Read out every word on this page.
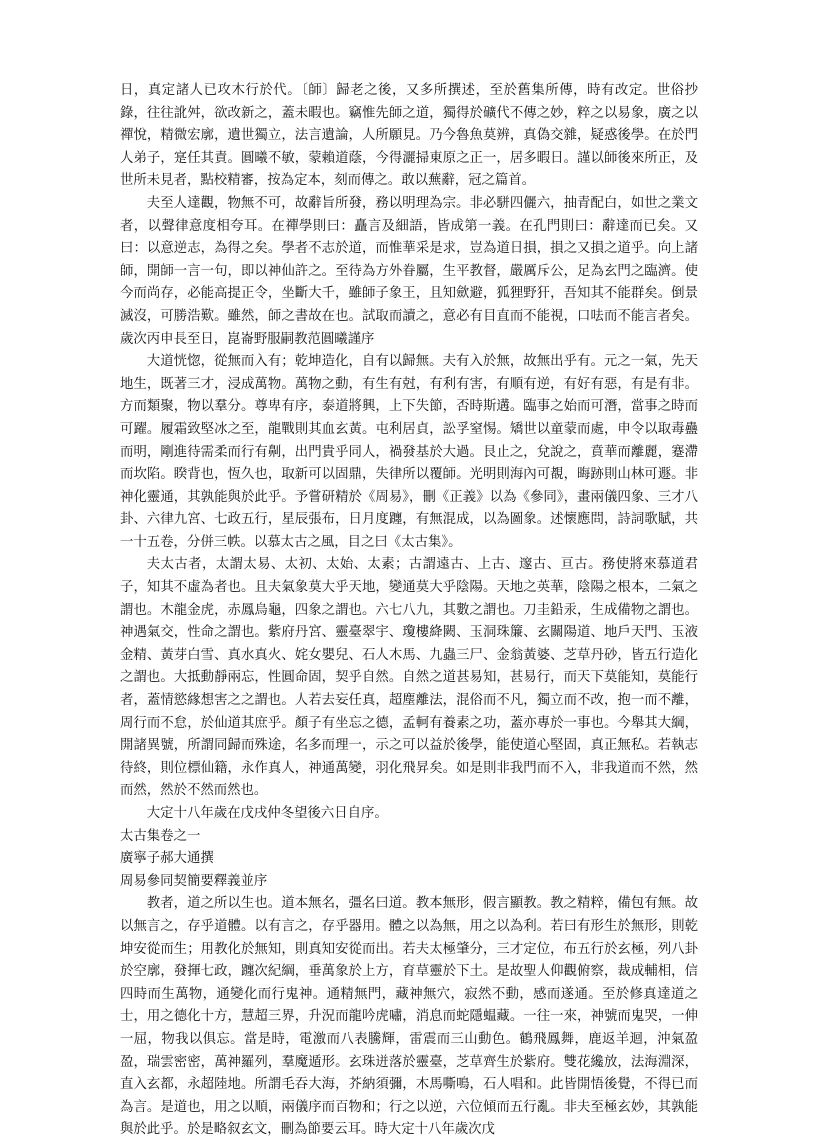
日，真定諸人已攻木行於代。〔師〕歸老之後，又多所撰述，至於舊集所傳，時有改定。世俗抄錄，往往訛舛，欲改新之，蓋未暇也。竊惟先師之道，獨得於礦代不傳之妙，粹之以易象，廣之以禪悅，精微宏廓，遺世獨立，法言遺論，人所願見。乃今魯魚莫辨，真偽交雜，疑惑後學。在於門人弟子，寔任其責。圓曦不敏，蒙賴道蔭，今得灑掃東原之正一，居多暇日。謹以師後來所正，及世所未見者，點校精審，按為定本，刻而傳之。敢以蕪辭，冠之篇首。

夫至人達觀，物無不可，故辭旨所發，務以明理為宗。非必駢四儷六，抽青配白，如世之業文者，以聲律意度相夸耳。在禪學則曰：矗言及細語，皆成第一義。在孔門則曰：辭達而已矣。又曰：以意逆志，為得之矣。學者不志於道，而惟華采是求，豈為道日損，損之又損之道乎。向上諸師，開師一言一句，即以神仙許之。至待為方外眷屬，生平教督，嚴厲斥公，足為玄門之臨濟。使今而尚存，必能高提正令，坐斷大千，雖師子象王，且知歛避，狐狸野犴，吾知其不能群矣。倒景滅沒，可勝浩歎。雖然，師之書故在也。試取而讀之，意必有目直而不能視，口呿而不能言者矣。歲次丙申長至日，崑崙野服嗣教范圓曦謹序

大道恍惚，從無而入有；乾坤造化，自有以歸無。夫有入於無，故無出乎有。元之一氣，先天地生，既著三才，浸成萬物。萬物之動，有生有尅，有利有害，有順有逆，有好有惡，有是有非。方而類聚，物以羣分。尊卑有序，泰道將興，上下失節，否時斯遘。臨事之始而可潛，當事之時而可躍。履霜致堅冰之至，龍戰則其血玄黃。屯利居貞，訟孚窒惕。矯世以童蒙而處，申令以取毒蠱而明，剛進待需柔而行有劓，出門貴乎同人，禍發基於大過。艮止之，兌說之，賁華而離麗，蹇滯而坎陷。睽背也，恆久也，取新可以固鼎，失律所以覆師。光明則海內可覩，晦跡則山林可遯。非神化靈通，其孰能與於此乎。予嘗研精於《周易》，刪《正義》以為《參同》，畫兩儀四象、三才八卦、六律九宮、七政五行，星辰張布，日月度躔，有無混成，以為圖象。述懷應問，詩詞歌賦，共一十五卷，分併三帙。以慕太古之風，目之曰《太古集》。

夫太古者，太謂太易、太初、太始、太素；古謂遠古、上古、邃古、亘古。務使將來慕道君子，知其不虛為者也。且夫氣象莫大乎天地，變通莫大乎陰陽。天地之英華，陰陽之根本，二氣之謂也。木龍金虎，赤鳳烏龜，四象之謂也。六七八九，其數之謂也。刀圭鉛汞，生成備物之謂也。神遇氣交，性命之謂也。紫府丹宮、靈臺翠宇、瓊樓絳闕、玉洞珠簾、玄關陽道、地戶天門、玉液金精、黃芽白雪、真水真火、姹女嬰兒、石人木馬、九蟲三尸、金翁黃婆、芝草丹砂，皆五行造化之謂也。大抵動靜兩忘，性圓命固，契乎自然。自然之道甚易知，甚易行，而天下莫能知，莫能行者，蓋情慾緣想害之之謂也。人若去妄任真，超塵離法，混俗而不凡，獨立而不改，抱一而不離，周行而不怠，於仙道其庶乎。顏子有坐忘之德，孟軻有養素之功，蓋亦專於一事也。今舉其大綱，開諸異號，所謂同歸而殊途，名多而理一，示之可以益於後學，能使道心堅固，真正無私。若執志待終，則位標仙籍，永作真人，神通萬變，羽化飛昇矣。如是則非我門而不入，非我道而不然，然而然，然於不然而然也。

大定十八年歲在戊戌仲冬望後六日自序。

太古集卷之一

廣寧子郝大通撰

周易參同契簡要釋義並序

教者，道之所以生也。道本無名，彊名曰道。教本無形，假言顯教。教之精粹，備包有無。故以無言之，存乎道體。以有言之，存乎器用。體之以為無，用之以為利。若曰有形生於無形，則乾坤安從而生；用教化於無知，則真知安從而出。若夫太極肇分，三才定位，布五行於玄極，列八卦於空廓，發揮七政，躔次紀綱，垂萬象於上方，育草靈於下土。是故聖人仰觀俯察，裁成輔相，信四時而生萬物，通變化而行鬼神。通精無門，藏神無穴，寂然不動，感而遂通。至於修真達道之士，用之德化十方，慧超三界，升況而龍吟虎嘯，消息而蛇隱蝹藏。一往一來，神號而鬼哭，一伸一屈，物我以俱忘。當是時，電激而八表騰輝，雷震而三山動色。鶴飛鳳舞，鹿返羊迴，沖氣盈盈，瑞雲密密，萬神羅列，羣魔遁形。玄珠迸落於靈臺，芝草齊生於紫府。雙花纔放，法海淵深，直入玄都，永超陸地。所謂毛吞大海，芥納須彌，木馬嘶鳴，石人唱和。此皆開悟後覺，不得已而為言。是道也，用之以順，兩儀序而百物和；行之以逆，六位傾而五行亂。非夫至極玄妙，其孰能與於此乎。於是略叙玄文，刪為節要云耳。時大定十八年歲次戊
